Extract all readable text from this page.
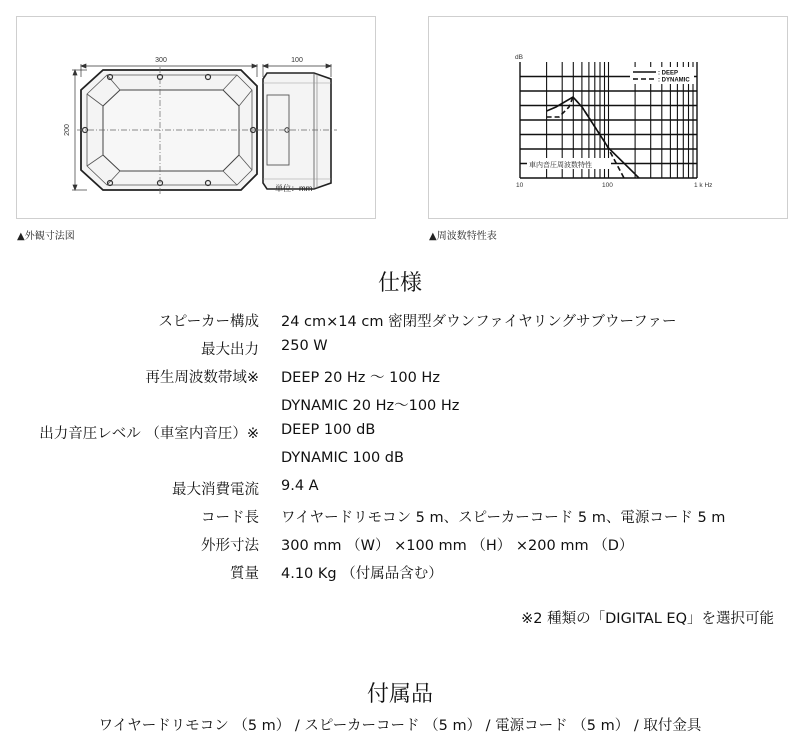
300
200
100
単位：mm
▲外観寸法図
: DEEP
: DYNAMIC
車内音圧周波数特性
dB
10	100	1 k Hz
▲周波数特性表
仕様
スピーカー構成 24 cm×14 cm 密閉型ダウンファイヤリングサブウーファー
最大出力 250 W
再生周波数帯域※ DEEP 20 Hz ～ 100 Hz
DYNAMIC 20 Hz～100 Hz
出力音圧レベル （車室内音圧）※ DEEP 100 dB
DYNAMIC 100 dB
最大消費電流 9.4 A
コード長 ワイヤードリモコン 5 m、スピーカーコード 5 m、電源コード 5 m
外形寸法 300 mm （W） ×100 mm （H） ×200 mm （D）
質量 4.10 Kg （付属品含む）
※2 種類の「DIGITAL EQ」を選択可能
付属品
ワイヤードリモコン （5 m） / スピーカーコード （5 m） / 電源コード （5 m） / 取付金具
